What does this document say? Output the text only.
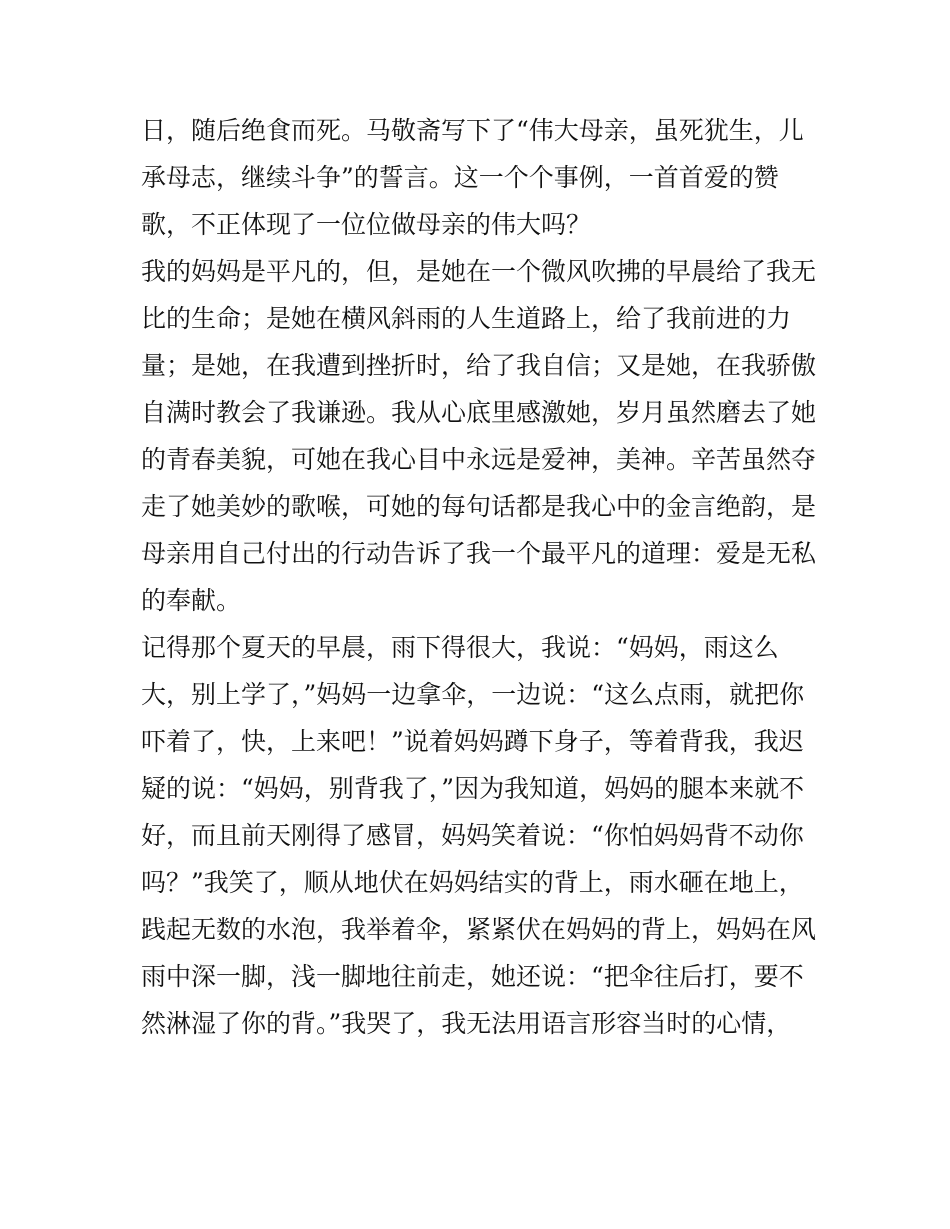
日，随后绝食而死。马敬斋写下了“伟大母亲，虽死犹生，儿
承母志，继续斗争”的誓言。这一个个事例，一首首爱的赞
歌，不正体现了一位位做母亲的伟大吗？
我的妈妈是平凡的，但，是她在一个微风吹拂的早晨给了我无
比的生命；是她在横风斜雨的人生道路上，给了我前进的力
量；是她，在我遭到挫折时，给了我自信；又是她，在我骄傲
自满时教会了我谦逊。我从心底里感激她，岁月虽然磨去了她
的青春美貌，可她在我心目中永远是爱神，美神。辛苦虽然夺
走了她美妙的歌喉，可她的每句话都是我心中的金言绝韵，是
母亲用自己付出的行动告诉了我一个最平凡的道理：爱是无私
的奉献。
记得那个夏天的早晨，雨下得很大，我说：“妈妈，雨这么
大，别上学了，”妈妈一边拿伞，一边说：“这么点雨，就把你
吓着了，快，上来吧！”说着妈妈蹲下身子，等着背我，我迟
疑的说：“妈妈，别背我了，”因为我知道，妈妈的腿本来就不
好，而且前天刚得了感冒，妈妈笑着说：“你怕妈妈背不动你
吗？”我笑了，顺从地伏在妈妈结实的背上，雨水砸在地上，
践起无数的水泡，我举着伞，紧紧伏在妈妈的背上，妈妈在风
雨中深一脚，浅一脚地往前走，她还说：“把伞往后打，要不
然淋湿了你的背。”我哭了，我无法用语言形容当时的心情，
